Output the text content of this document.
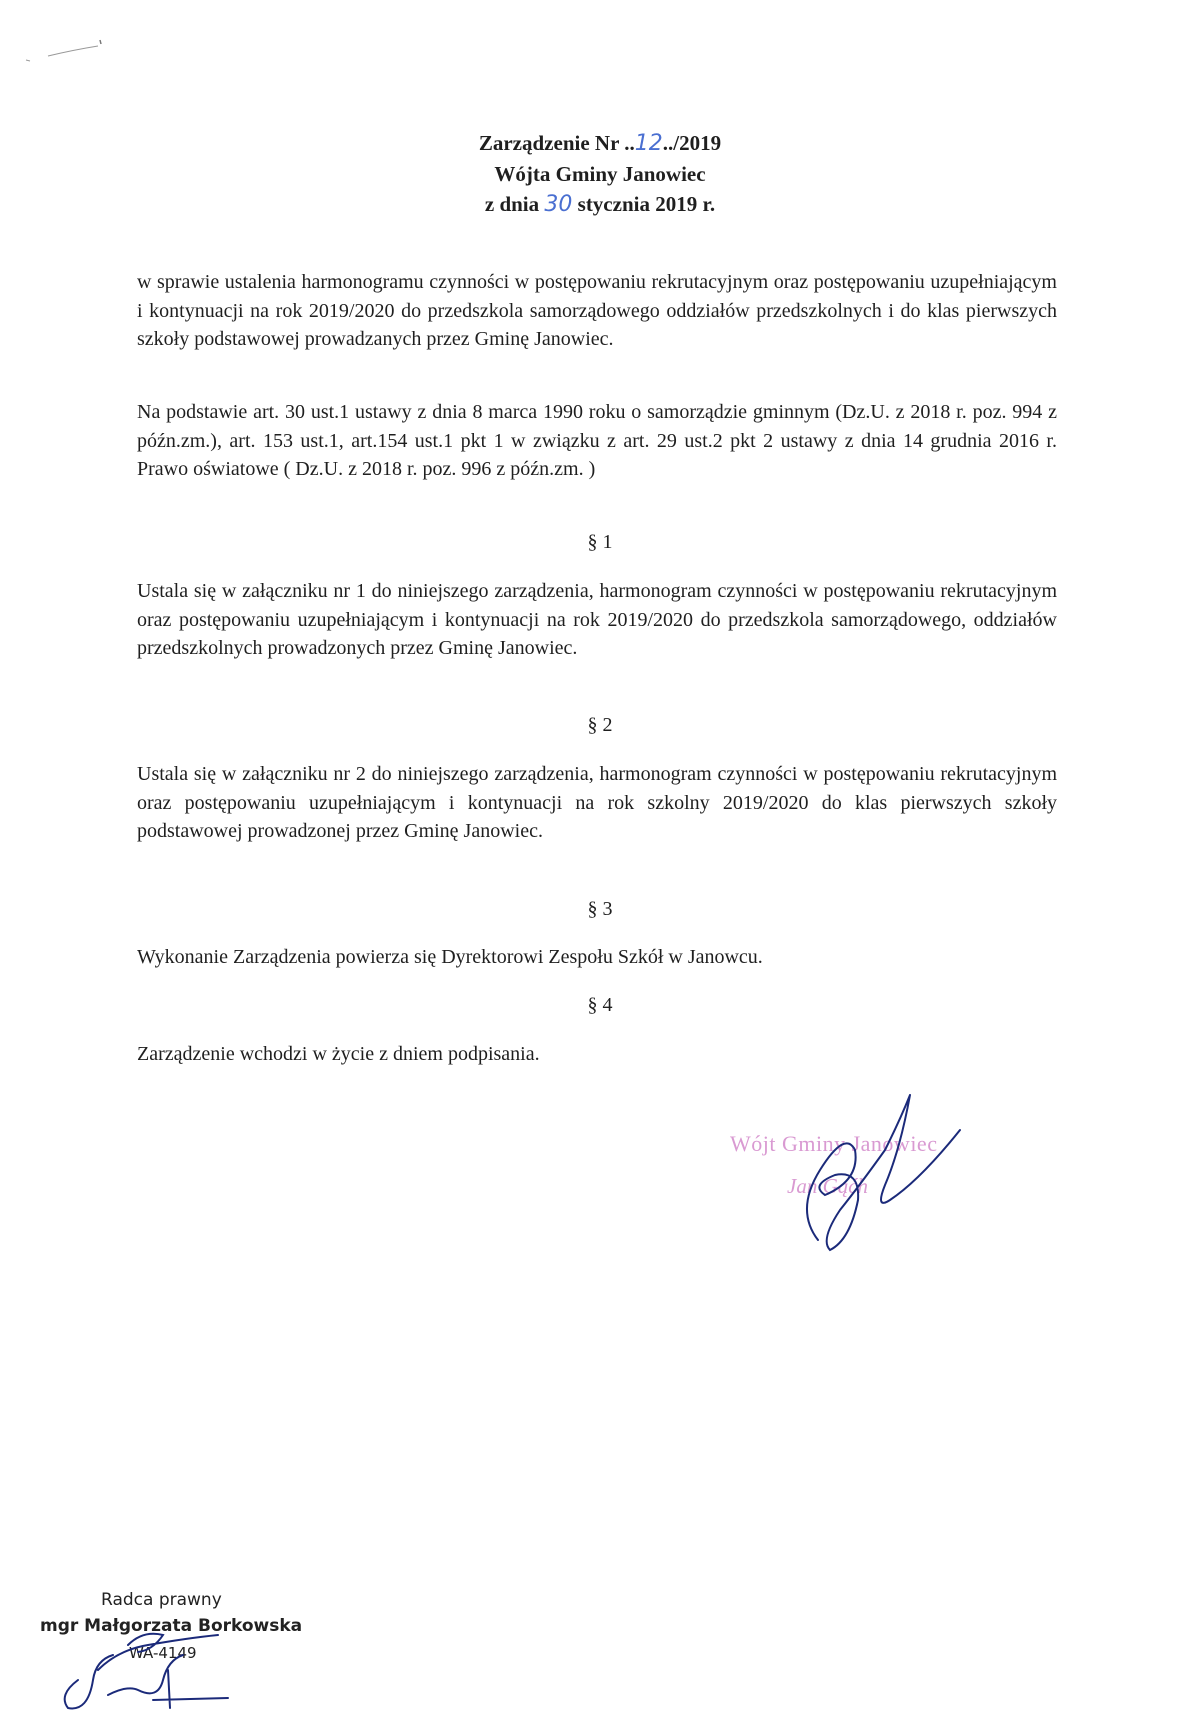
Zarządzenie Nr ..12../2019
Wójta Gminy Janowiec
z dnia 30 stycznia 2019 r.
w sprawie ustalenia harmonogramu czynności w postępowaniu rekrutacyjnym oraz postępowaniu uzupełniającym i kontynuacji na rok 2019/2020 do przedszkola samorządowego oddziałów przedszkolnych i do klas pierwszych szkoły podstawowej prowadzanych przez Gminę Janowiec.
Na podstawie art. 30 ust.1 ustawy z dnia 8 marca 1990 roku o samorządzie gminnym (Dz.U. z 2018 r. poz. 994 z późn.zm.), art. 153 ust.1, art.154 ust.1 pkt 1 w związku z art. 29 ust.2 pkt 2 ustawy z dnia 14 grudnia 2016 r. Prawo oświatowe ( Dz.U. z 2018 r. poz. 996 z późn.zm. )
§ 1
Ustala się w załączniku nr 1 do niniejszego zarządzenia, harmonogram czynności w postępowaniu rekrutacyjnym oraz postępowaniu uzupełniającym i kontynuacji na rok 2019/2020 do przedszkola samorządowego, oddziałów przedszkolnych prowadzonych przez Gminę Janowiec.
§ 2
Ustala się w załączniku nr 2 do niniejszego zarządzenia, harmonogram czynności w postępowaniu rekrutacyjnym oraz postępowaniu uzupełniającym i kontynuacji na rok szkolny 2019/2020 do klas pierwszych szkoły podstawowej prowadzonej przez Gminę Janowiec.
§ 3
Wykonanie Zarządzenia powierza się Dyrektorowi Zespołu Szkół w Janowcu.
§ 4
Zarządzenie wchodzi w życie z dniem podpisania.
Wójt Gminy Janowiec
Jan Gąćh
Radca prawny
mgr Małgorzata Borkowska
WA-4149
